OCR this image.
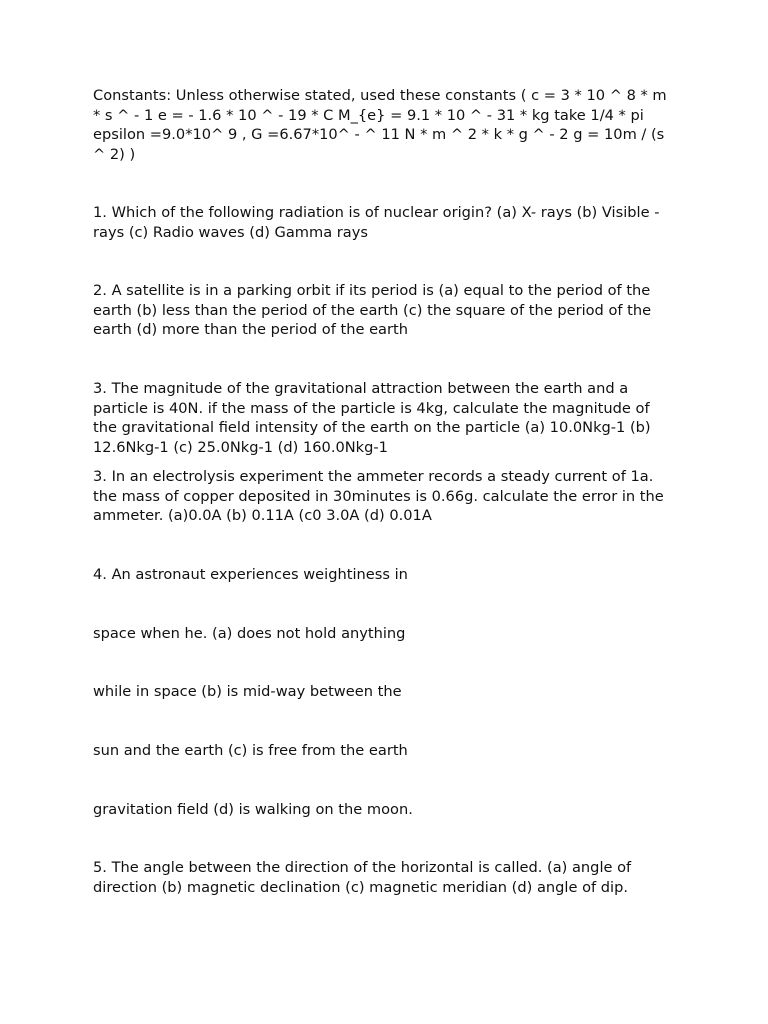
Constants: Unless otherwise stated, used these constants ( c = 3 * 10 ^ 8 * m * s ^ - 1 e = - 1.6 * 10 ^ - 19 * C M_{e} = 9.1 * 10 ^ - 31 * kg take 1/4 * pi epsilon =9.0*10^ 9 , G =6.67*10^ - ^ 11 N * m ^ 2 * k * g ^ - 2 g = 10m / (s ^ 2) )

1. Which of the following radiation is of nuclear origin? (a) X- rays (b) Visible -rays (c) Radio waves (d) Gamma rays

2. A satellite is in a parking orbit if its period is (a) equal to the period of the earth (b) less than the period of the earth (c) the square of the period of the earth (d) more than the period of the earth

3. The magnitude of the gravitational attraction between the earth and a particle is 40N. if the mass of the particle is 4kg, calculate the magnitude of the gravitational field intensity of the earth on the particle (a) 10.0Nkg-1 (b) 12.6Nkg-1 (c) 25.0Nkg-1 (d) 160.0Nkg-1

3. In an electrolysis experiment the ammeter records a steady current of 1a. the mass of copper deposited in 30minutes is 0.66g. calculate the error in the ammeter. (a)0.0A (b) 0.11A (c0 3.0A (d) 0.01A

4. An astronaut experiences weightiness in

space when he. (a) does not hold anything

while in space (b) is mid-way between the

sun and the earth (c) is free from the earth

gravitation field (d) is walking on the moon.

5. The angle between the direction of the horizontal is called. (a) angle of direction (b) magnetic declination (c) magnetic meridian (d) angle of dip.
